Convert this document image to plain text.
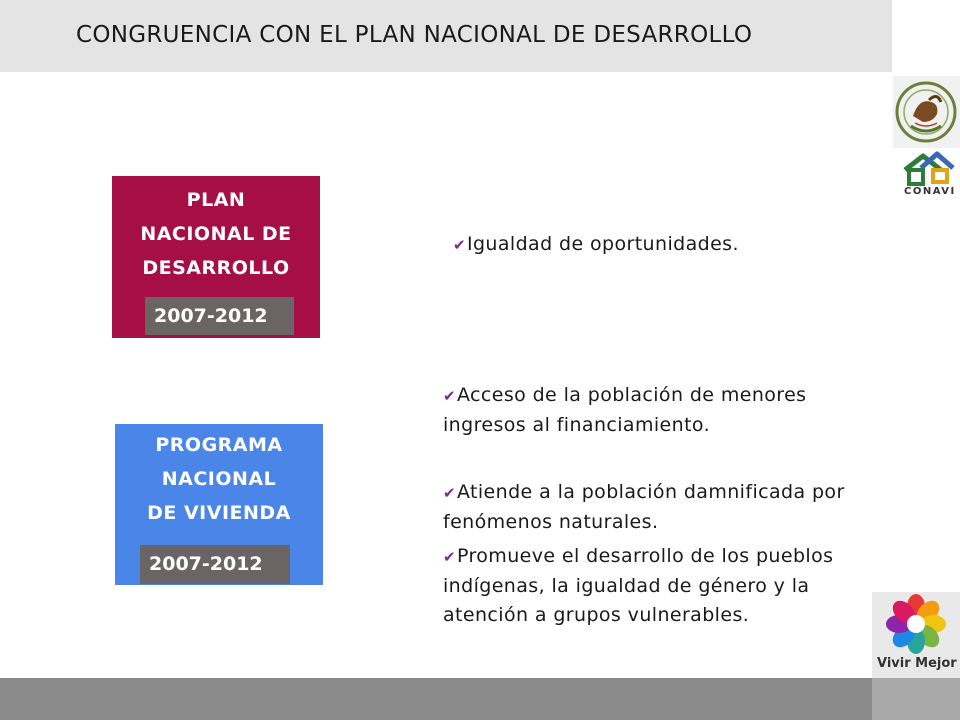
CONGRUENCIA CON EL PLAN NACIONAL DE DESARROLLO
PLAN
NACIONAL DE
DESARROLLO
2007-2012
PROGRAMA
NACIONAL
DE VIVIENDA
2007-2012
✔Igualdad de oportunidades.
✔Acceso de la población de menores ingresos al financiamiento.
✔Atiende a la población damnificada por fenómenos naturales.
✔Promueve el desarrollo de los pueblos indígenas, la igualdad de género y la atención a grupos vulnerables.
CONAVI
Vivir Mejor
